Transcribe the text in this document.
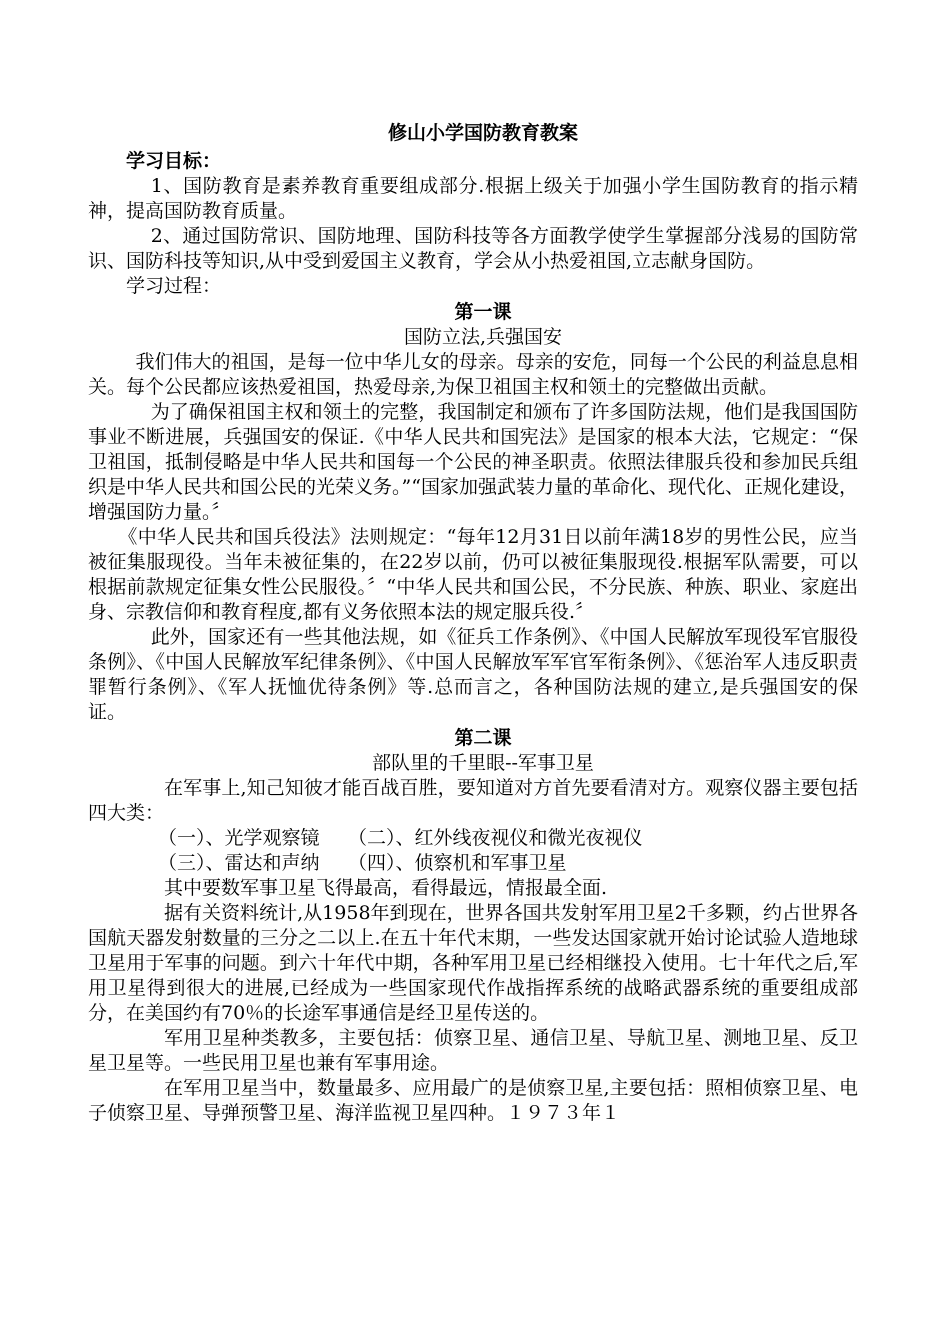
修山小学国防教育教案
学习目标：

1、国防教育是素养教育重要组成部分.根据上级关于加强小学生国防教育的指示精神，提高国防教育质量。

2、通过国防常识、国防地理、国防科技等各方面教学使学生掌握部分浅易的国防常识、国防科技等知识,从中受到爱国主义教育，学会从小热爱祖国,立志献身国防。

学习过程：

第一课
国防立法,兵强国安

我们伟大的祖国，是每一位中华儿女的母亲。母亲的安危，同每一个公民的利益息息相关。每个公民都应该热爱祖国，热爱母亲,为保卫祖国主权和领土的完整做出贡献。

为了确保祖国主权和领土的完整，我国制定和颁布了许多国防法规，他们是我国国防事业不断进展，兵强国安的保证.《中华人民共和国宪法》是国家的根本大法，它规定：“保卫祖国，抵制侵略是中华人民共和国每一个公民的神圣职责。依照法律服兵役和参加民兵组织是中华人民共和国公民的光荣义务。”“国家加强武装力量的革命化、现代化、正规化建设，增强国防力量。〞

《中华人民共和国兵役法》法则规定：“每年12月31日以前年满18岁的男性公民，应当被征集服现役。当年未被征集的，在22岁以前，仍可以被征集服现役.根据军队需要，可以根据前款规定征集女性公民服役。〞“中华人民共和国公民，不分民族、种族、职业、家庭出身、宗教信仰和教育程度,都有义务依照本法的规定服兵役.〞

此外，国家还有一些其他法规，如《征兵工作条例》、《中国人民解放军现役军官服役条例》、《中国人民解放军纪律条例》、《中国人民解放军军官军衔条例》、《惩治军人违反职责罪暂行条例》、《军人抚恤优待条例》等.总而言之，各种国防法规的建立,是兵强国安的保证。

第二课
部队里的千里眼--军事卫星

在军事上,知己知彼才能百战百胜，要知道对方首先要看清对方。观察仪器主要包括四大类：

（一）、光学观察镜　　（二）、红外线夜视仪和微光夜视仪

（三）、雷达和声纳　　（四）、侦察机和军事卫星

其中要数军事卫星飞得最高，看得最远，情报最全面.

据有关资料统计,从1958年到现在，世界各国共发射军用卫星2千多颗，约占世界各国航天器发射数量的三分之二以上.在五十年代末期，一些发达国家就开始讨论试验人造地球卫星用于军事的问题。到六十年代中期，各种军用卫星已经相继投入使用。七十年代之后,军用卫星得到很大的进展,已经成为一些国家现代作战指挥系统的战略武器系统的重要组成部分，在美国约有70％的长途军事通信是经卫星传送的。

军用卫星种类教多，主要包括：侦察卫星、通信卫星、导航卫星、测地卫星、反卫星卫星等。一些民用卫星也兼有军事用途。

在军用卫星当中，数量最多、应用最广的是侦察卫星,主要包括：照相侦察卫星、电子侦察卫星、导弹预警卫星、海洋监视卫星四种。１９７３年１
